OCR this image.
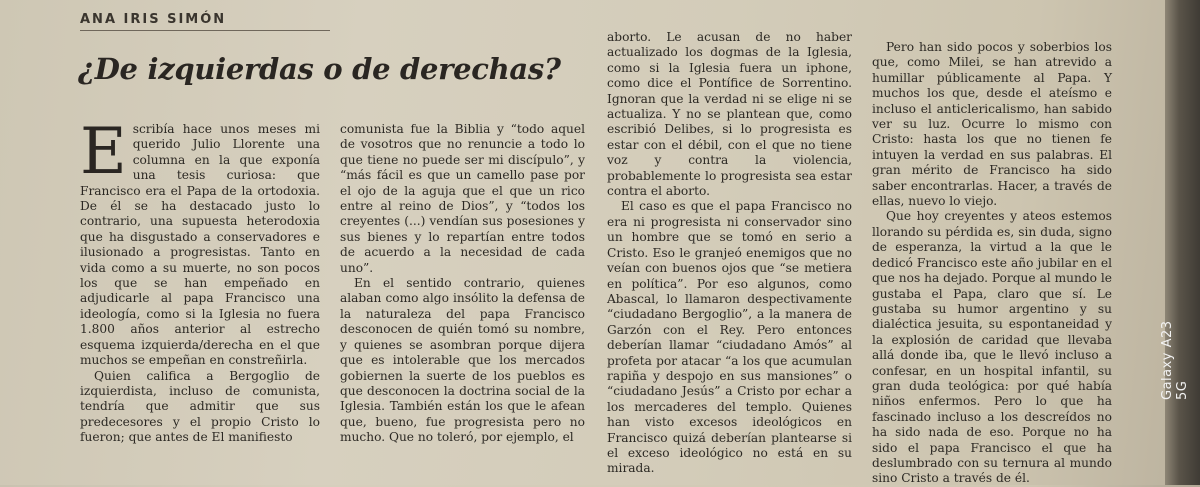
ANA IRIS SIMÓN
¿De izquierdas o de derechas?
E scribía hace unos meses mi querido Julio Llorente una columna en la que exponía una tesis curiosa: que Francisco era el Papa de la ortodoxia. De él se ha destacado justo lo contrario, una supuesta heterodoxia que ha disgustado a conservadores e ilusionado a progresistas. Tanto en vida como a su muerte, no son pocos los que se han empeñado en adjudicarle al papa Francisco una ideología, como si la Iglesia no fuera 1.800 años anterior al estrecho esquema izquierda/derecha en el que muchos se empeñan en constreñirla.

Quien califica a Bergoglio de izquierdista, incluso de comunista, tendría que admitir que sus predecesores y el propio Cristo lo fueron; que antes de El manifiesto

comunista fue la Biblia y “todo aquel de vosotros que no renuncie a todo lo que tiene no puede ser mi discípulo”, y “más fácil es que un camello pase por el ojo de la aguja que el que un rico entre al reino de Dios”, y “todos los creyentes (...) vendían sus posesiones y sus bienes y lo repartían entre todos de acuerdo a la necesidad de cada uno”.

En el sentido contrario, quienes alaban como algo insólito la defensa de la naturaleza del papa Francisco desconocen de quién tomó su nombre, y quienes se asombran porque dijera que es intolerable que los mercados gobiernen la suerte de los pueblos es que desconocen la doctrina social de la Iglesia. También están los que le afean que, bueno, fue progresista pero no mucho. Que no toleró, por ejemplo, el

aborto. Le acusan de no haber actualizado los dogmas de la Iglesia, como si la Iglesia fuera un iphone, como dice el Pontífice de Sorrentino. Ignoran que la verdad ni se elige ni se actualiza. Y no se plantean que, como escribió Delibes, si lo progresista es estar con el débil, con el que no tiene voz y contra la violencia, probablemente lo progresista sea estar contra el aborto.

El caso es que el papa Francisco no era ni progresista ni conservador sino un hombre que se tomó en serio a Cristo. Eso le granjeó enemigos que no veían con buenos ojos que “se metiera en política”. Por eso algunos, como Abascal, lo llamaron despectivamente “ciudadano Bergoglio”, a la manera de Garzón con el Rey. Pero entonces deberían llamar “ciudadano Amós” al profeta por atacar “a los que acumulan rapiña y despojo en sus mansiones” o “ciudadano Jesús” a Cristo por echar a los mercaderes del templo. Quienes han visto excesos ideológicos en Francisco quizá deberían plantearse si el exceso ideológico no está en su mirada.

Pero han sido pocos y soberbios los que, como Milei, se han atrevido a humillar públicamente al Papa. Y muchos los que, desde el ateísmo e incluso el anticlericalismo, han sabido ver su luz. Ocurre lo mismo con Cristo: hasta los que no tienen fe intuyen la verdad en sus palabras. El gran mérito de Francisco ha sido saber encontrarlas. Hacer, a través de ellas, nuevo lo viejo.

Que hoy creyentes y ateos estemos llorando su pérdida es, sin duda, signo de esperanza, la virtud a la que le dedicó Francisco este año jubilar en el que nos ha dejado. Porque al mundo le gustaba el Papa, claro que sí. Le gustaba su humor argentino y su dialéctica jesuita, su espontaneidad y la explosión de caridad que llevaba allá donde iba, que le llevó incluso a confesar, en un hospital infantil, su gran duda teológica: por qué había niños enfermos. Pero lo que ha fascinado incluso a los descreídos no ha sido nada de eso. Porque no ha sido el papa Francisco el que ha deslumbrado con su ternura al mundo sino Cristo a través de él.

Galaxy A23 5G
